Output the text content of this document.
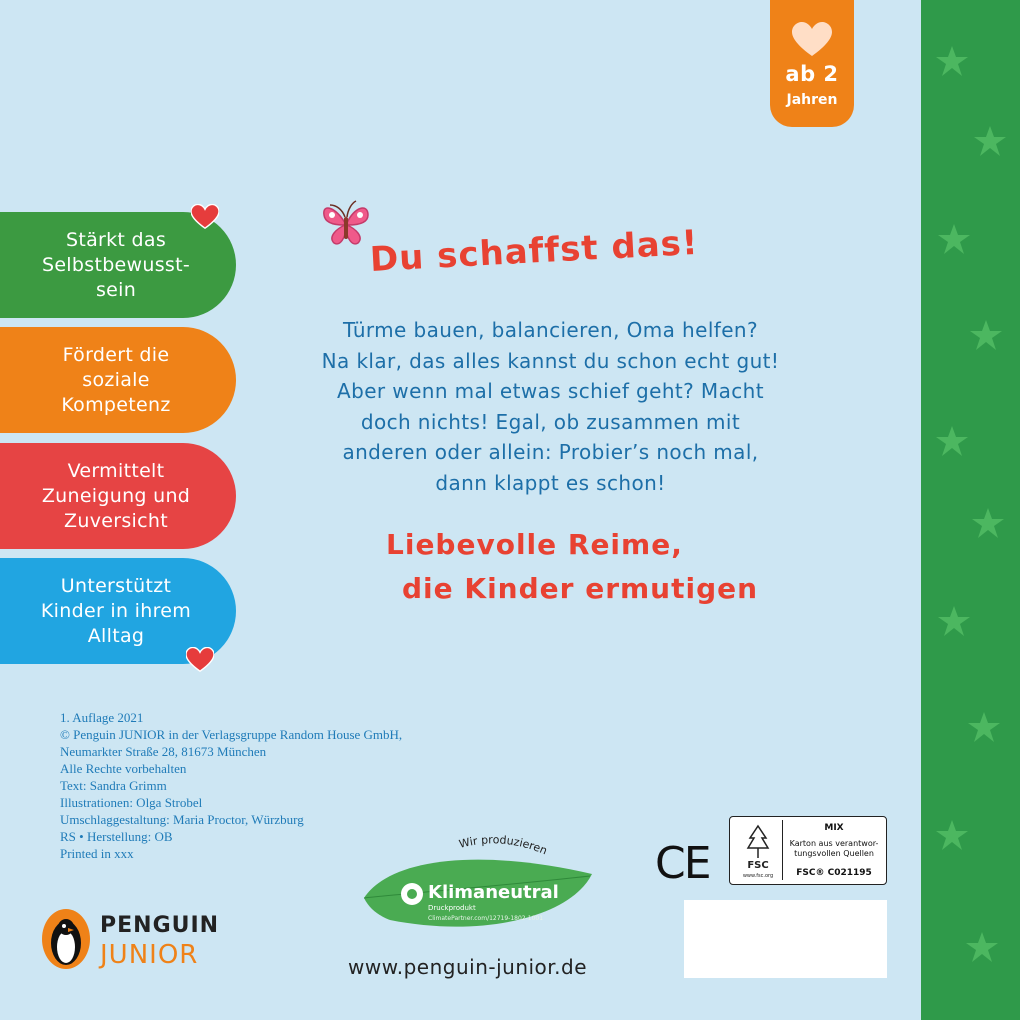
ab 2
Jahren
Stärkt das Selbstbewusst-sein
Fördert die soziale Kompetenz
Vermittelt Zuneigung und Zuversicht
Unterstützt Kinder in ihrem Alltag
Du schaffst das!
Türme bauen, balancieren, Oma helfen?
Na klar, das alles kannst du schon echt gut!
Aber wenn mal etwas schief geht? Macht
doch nichts! Egal, ob zusammen mit
anderen oder allein: Probier’s noch mal,
dann klappt es schon!
Liebevolle Reime,
die Kinder ermutigen
1. Auflage 2021
© Penguin JUNIOR in der Verlagsgruppe Random House GmbH,
Neumarkter Straße 28, 81673 München
Alle Rechte vorbehalten
Text: Sandra Grimm
Illustrationen: Olga Strobel
Umschlaggestaltung: Maria Proctor, Würzburg
RS • Herstellung: OB
Printed in xxx
PENGUIN
JUNIOR
Wir produzieren
Klimaneutral
Druckprodukt
ClimatePartner.com/12719-1802-1001
www.penguin-junior.de
CE	FSC
www.fsc.org
MIX
Karton aus verantwor-
tungsvollen Quellen
FSC® C021195
